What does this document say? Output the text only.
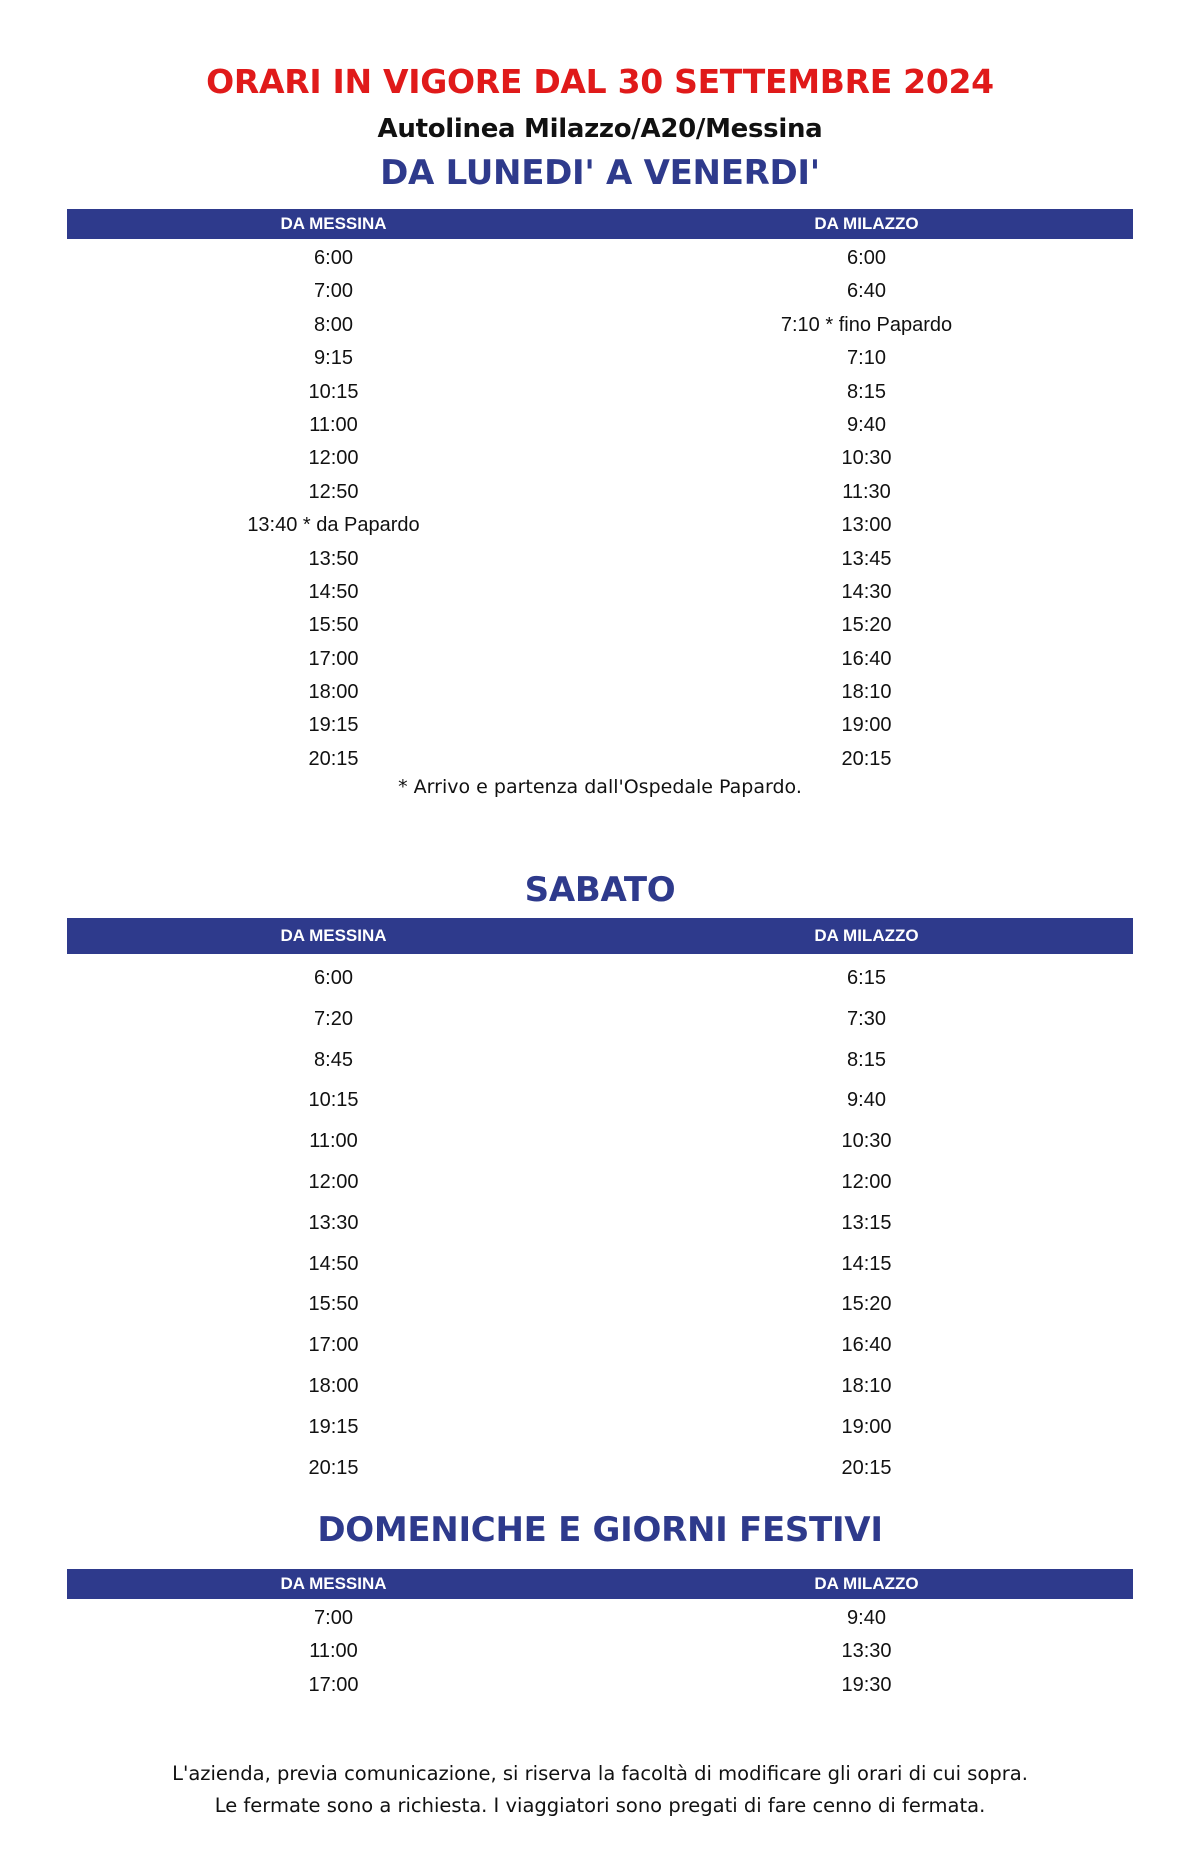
ORARI IN VIGORE DAL 30 SETTEMBRE 2024
Autolinea Milazzo/A20/Messina
DA LUNEDI' A VENERDI'
DA MESSINA	DA MILAZZO
6:00	6:00
7:00	6:40
8:00	7:10 * fino Papardo
9:15	7:10
10:15	8:15
11:00	9:40
12:00	10:30
12:50	11:30
13:40 * da Papardo	13:00
13:50	13:45
14:50	14:30
15:50	15:20
17:00	16:40
18:00	18:10
19:15	19:00
20:15	20:15
* Arrivo e partenza dall'Ospedale Papardo.
SABATO
DA MESSINA	DA MILAZZO
6:00	6:15
7:20	7:30
8:45	8:15
10:15	9:40
11:00	10:30
12:00	12:00
13:30	13:15
14:50	14:15
15:50	15:20
17:00	16:40
18:00	18:10
19:15	19:00
20:15	20:15
DOMENICHE E GIORNI FESTIVI
DA MESSINA	DA MILAZZO
7:00	9:40
11:00	13:30
17:00	19:30
L'azienda, previa comunicazione, si riserva la facoltà di modificare gli orari di cui sopra.
Le fermate sono a richiesta. I viaggiatori sono pregati di fare cenno di fermata.
